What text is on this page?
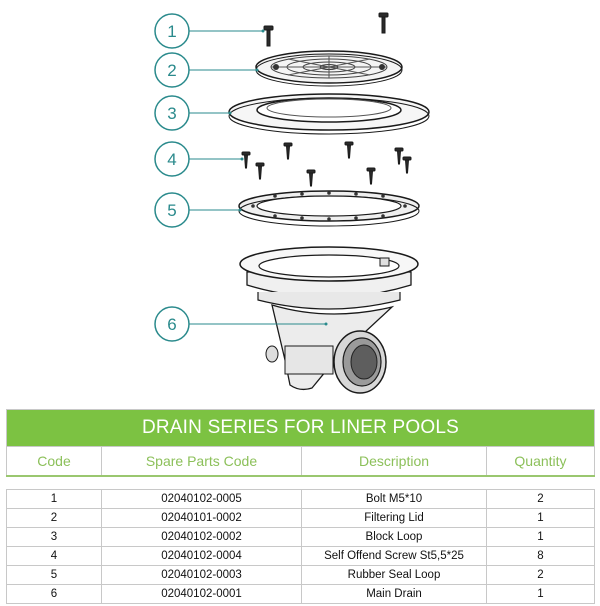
1
2
3
4
5
6
DRAIN SERIES FOR LINER POOLS			
Code	Spare Parts Code	Description	Quantity

1	02040102-0005	Bolt M5*10	2
2	02040101-0002	Filtering Lid	1
3	02040102-0002	Block Loop	1
4	02040102-0004	Self Offend Screw St5,5*25	8
5	02040102-0003	Rubber Seal Loop	2
6	02040102-0001	Main Drain	1
